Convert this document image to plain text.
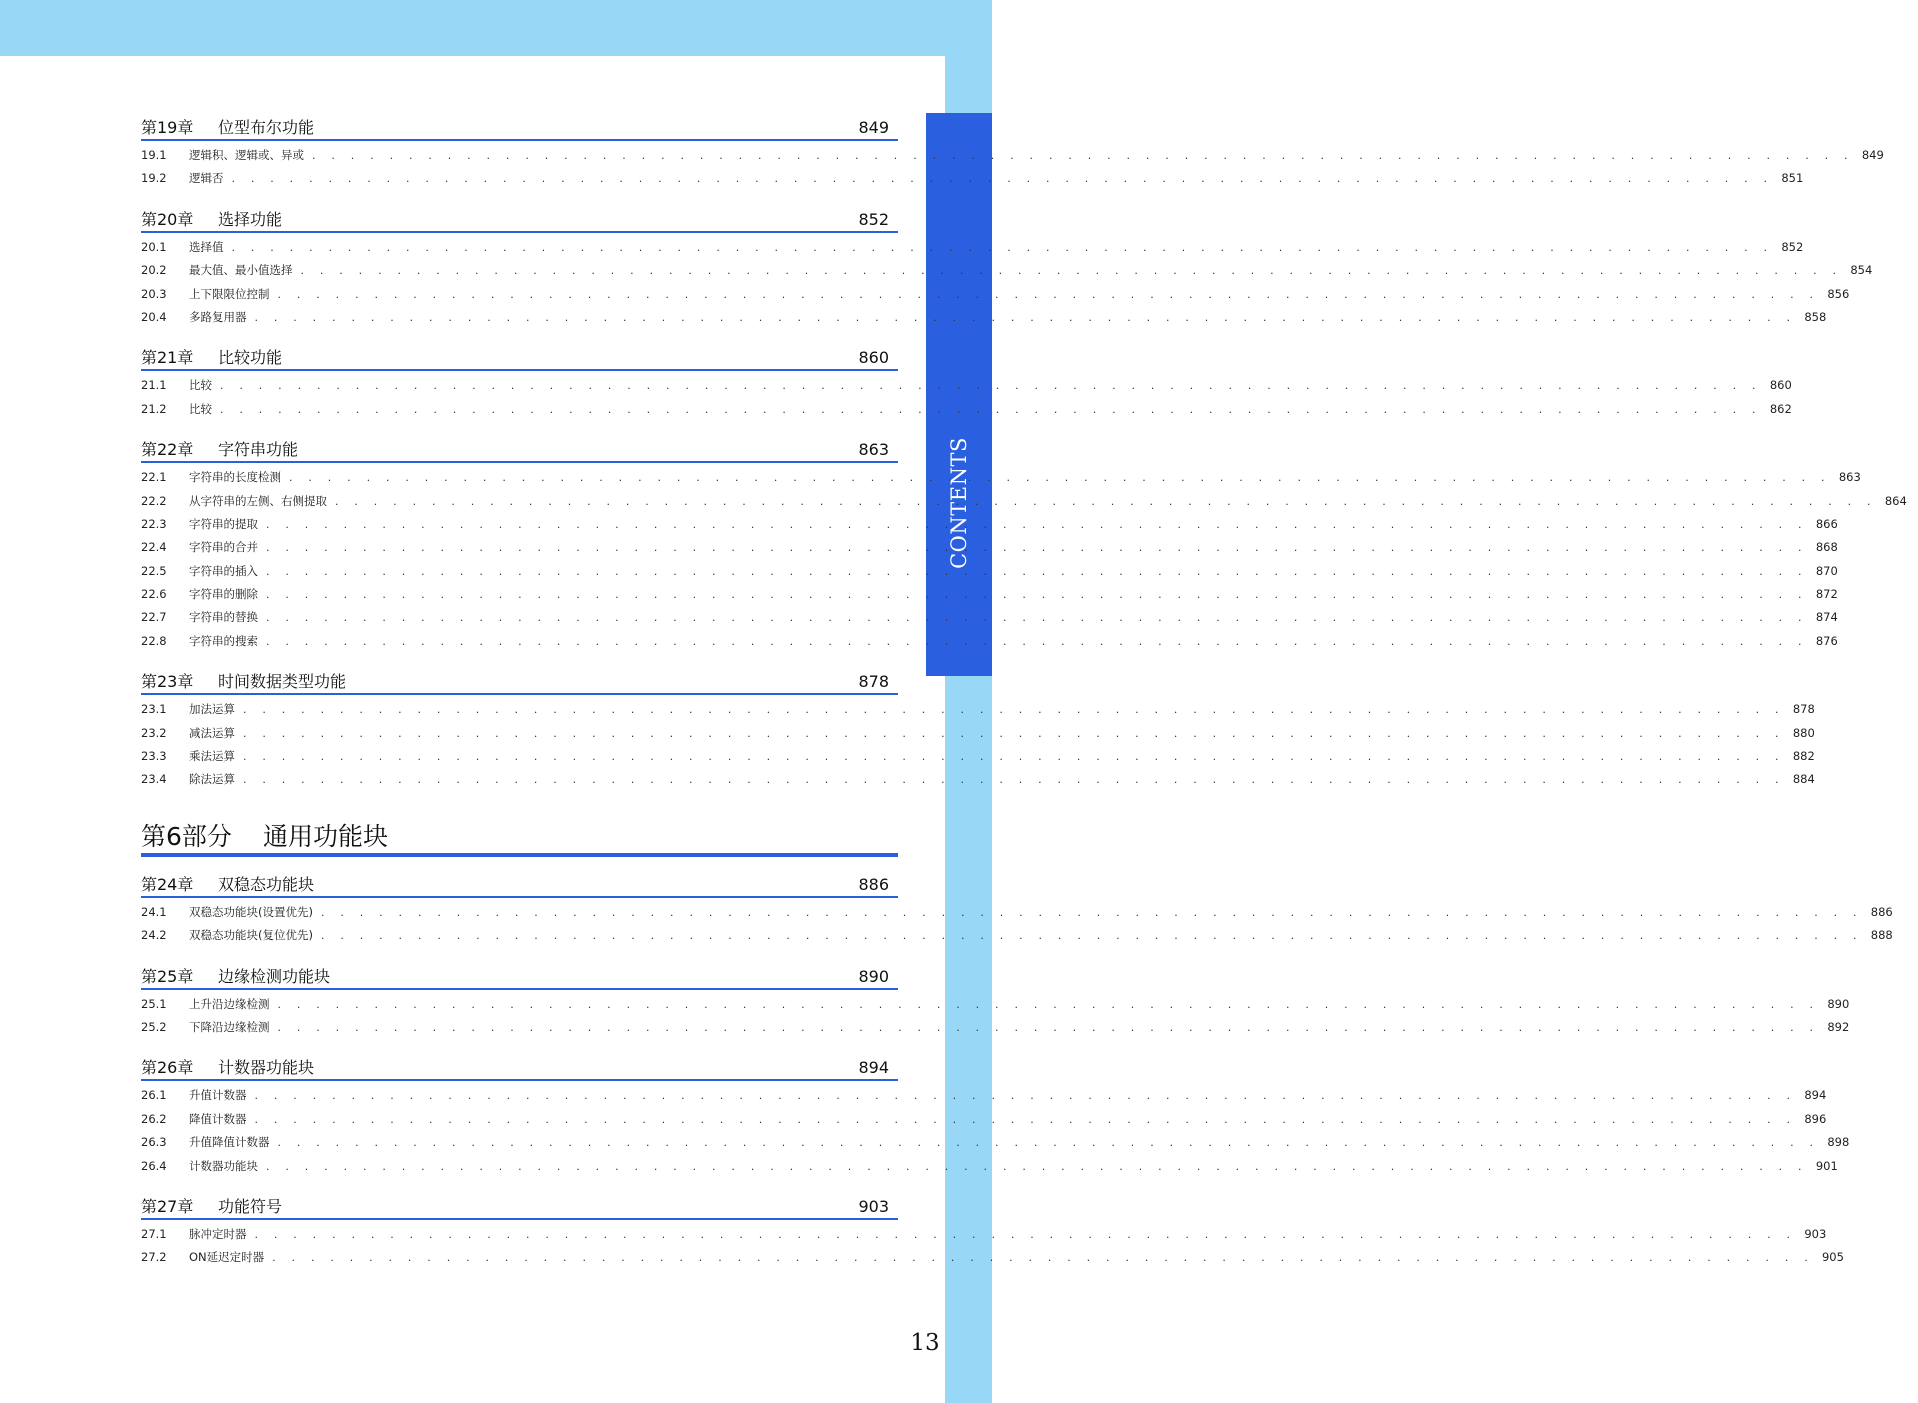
CONTENTS
第19章	位型布尔功能	849
19.1	逻辑积、逻辑或、异或 . . . . . . . . . . . . . . . . . . . . . . . . . . . . . . . . . . . . . . . . . . . . . . . . . . . . . . . . . . . . . . . . . . . . . . . . . . . . . . . . 849
19.2	逻辑否 . . . . . . . . . . . . . . . . . . . . . . . . . . . . . . . . . . . . . . . . . . . . . . . . . . . . . . . . . . . . . . . . . . . . . . . . . . . . . . . . 851
第20章	选择功能	852
20.1	选择值 . . . . . . . . . . . . . . . . . . . . . . . . . . . . . . . . . . . . . . . . . . . . . . . . . . . . . . . . . . . . . . . . . . . . . . . . . . . . . . . . 852
20.2	最大值、最小值选择 . . . . . . . . . . . . . . . . . . . . . . . . . . . . . . . . . . . . . . . . . . . . . . . . . . . . . . . . . . . . . . . . . . . . . . . . . . . . . . . . 854
20.3	上下限限位控制 . . . . . . . . . . . . . . . . . . . . . . . . . . . . . . . . . . . . . . . . . . . . . . . . . . . . . . . . . . . . . . . . . . . . . . . . . . . . . . . . 856
20.4	多路复用器 . . . . . . . . . . . . . . . . . . . . . . . . . . . . . . . . . . . . . . . . . . . . . . . . . . . . . . . . . . . . . . . . . . . . . . . . . . . . . . . . 858
第21章	比较功能	860
21.1	比较 . . . . . . . . . . . . . . . . . . . . . . . . . . . . . . . . . . . . . . . . . . . . . . . . . . . . . . . . . . . . . . . . . . . . . . . . . . . . . . . . 860
21.2	比较 . . . . . . . . . . . . . . . . . . . . . . . . . . . . . . . . . . . . . . . . . . . . . . . . . . . . . . . . . . . . . . . . . . . . . . . . . . . . . . . . 862
第22章	字符串功能	863
22.1	字符串的长度检测 . . . . . . . . . . . . . . . . . . . . . . . . . . . . . . . . . . . . . . . . . . . . . . . . . . . . . . . . . . . . . . . . . . . . . . . . . . . . . . . . 863
22.2	从字符串的左侧、右侧提取 . . . . . . . . . . . . . . . . . . . . . . . . . . . . . . . . . . . . . . . . . . . . . . . . . . . . . . . . . . . . . . . . . . . . . . . . . . . . . . . . 864
22.3	字符串的提取 . . . . . . . . . . . . . . . . . . . . . . . . . . . . . . . . . . . . . . . . . . . . . . . . . . . . . . . . . . . . . . . . . . . . . . . . . . . . . . . . 866
22.4	字符串的合并 . . . . . . . . . . . . . . . . . . . . . . . . . . . . . . . . . . . . . . . . . . . . . . . . . . . . . . . . . . . . . . . . . . . . . . . . . . . . . . . . 868
22.5	字符串的插入 . . . . . . . . . . . . . . . . . . . . . . . . . . . . . . . . . . . . . . . . . . . . . . . . . . . . . . . . . . . . . . . . . . . . . . . . . . . . . . . . 870
22.6	字符串的删除 . . . . . . . . . . . . . . . . . . . . . . . . . . . . . . . . . . . . . . . . . . . . . . . . . . . . . . . . . . . . . . . . . . . . . . . . . . . . . . . . 872
22.7	字符串的替换 . . . . . . . . . . . . . . . . . . . . . . . . . . . . . . . . . . . . . . . . . . . . . . . . . . . . . . . . . . . . . . . . . . . . . . . . . . . . . . . . 874
22.8	字符串的搜索 . . . . . . . . . . . . . . . . . . . . . . . . . . . . . . . . . . . . . . . . . . . . . . . . . . . . . . . . . . . . . . . . . . . . . . . . . . . . . . . . 876
第23章	时间数据类型功能	878
23.1	加法运算 . . . . . . . . . . . . . . . . . . . . . . . . . . . . . . . . . . . . . . . . . . . . . . . . . . . . . . . . . . . . . . . . . . . . . . . . . . . . . . . . 878
23.2	减法运算 . . . . . . . . . . . . . . . . . . . . . . . . . . . . . . . . . . . . . . . . . . . . . . . . . . . . . . . . . . . . . . . . . . . . . . . . . . . . . . . . 880
23.3	乘法运算 . . . . . . . . . . . . . . . . . . . . . . . . . . . . . . . . . . . . . . . . . . . . . . . . . . . . . . . . . . . . . . . . . . . . . . . . . . . . . . . . 882
23.4	除法运算 . . . . . . . . . . . . . . . . . . . . . . . . . . . . . . . . . . . . . . . . . . . . . . . . . . . . . . . . . . . . . . . . . . . . . . . . . . . . . . . . 884
第6部分 通用功能块
第24章	双稳态功能块	886
24.1	双稳态功能块(设置优先) . . . . . . . . . . . . . . . . . . . . . . . . . . . . . . . . . . . . . . . . . . . . . . . . . . . . . . . . . . . . . . . . . . . . . . . . . . . . . . . . 886
24.2	双稳态功能块(复位优先) . . . . . . . . . . . . . . . . . . . . . . . . . . . . . . . . . . . . . . . . . . . . . . . . . . . . . . . . . . . . . . . . . . . . . . . . . . . . . . . . 888
第25章	边缘检测功能块	890
25.1	上升沿边缘检测 . . . . . . . . . . . . . . . . . . . . . . . . . . . . . . . . . . . . . . . . . . . . . . . . . . . . . . . . . . . . . . . . . . . . . . . . . . . . . . . . 890
25.2	下降沿边缘检测 . . . . . . . . . . . . . . . . . . . . . . . . . . . . . . . . . . . . . . . . . . . . . . . . . . . . . . . . . . . . . . . . . . . . . . . . . . . . . . . . 892
第26章	计数器功能块	894
26.1	升值计数器 . . . . . . . . . . . . . . . . . . . . . . . . . . . . . . . . . . . . . . . . . . . . . . . . . . . . . . . . . . . . . . . . . . . . . . . . . . . . . . . . 894
26.2	降值计数器 . . . . . . . . . . . . . . . . . . . . . . . . . . . . . . . . . . . . . . . . . . . . . . . . . . . . . . . . . . . . . . . . . . . . . . . . . . . . . . . . 896
26.3	升值降值计数器 . . . . . . . . . . . . . . . . . . . . . . . . . . . . . . . . . . . . . . . . . . . . . . . . . . . . . . . . . . . . . . . . . . . . . . . . . . . . . . . . 898
26.4	计数器功能块 . . . . . . . . . . . . . . . . . . . . . . . . . . . . . . . . . . . . . . . . . . . . . . . . . . . . . . . . . . . . . . . . . . . . . . . . . . . . . . . . 901
第27章	功能符号	903
27.1	脉冲定时器 . . . . . . . . . . . . . . . . . . . . . . . . . . . . . . . . . . . . . . . . . . . . . . . . . . . . . . . . . . . . . . . . . . . . . . . . . . . . . . . . 903
27.2	ON延迟定时器 . . . . . . . . . . . . . . . . . . . . . . . . . . . . . . . . . . . . . . . . . . . . . . . . . . . . . . . . . . . . . . . . . . . . . . . . . . . . . . . . 905
13
